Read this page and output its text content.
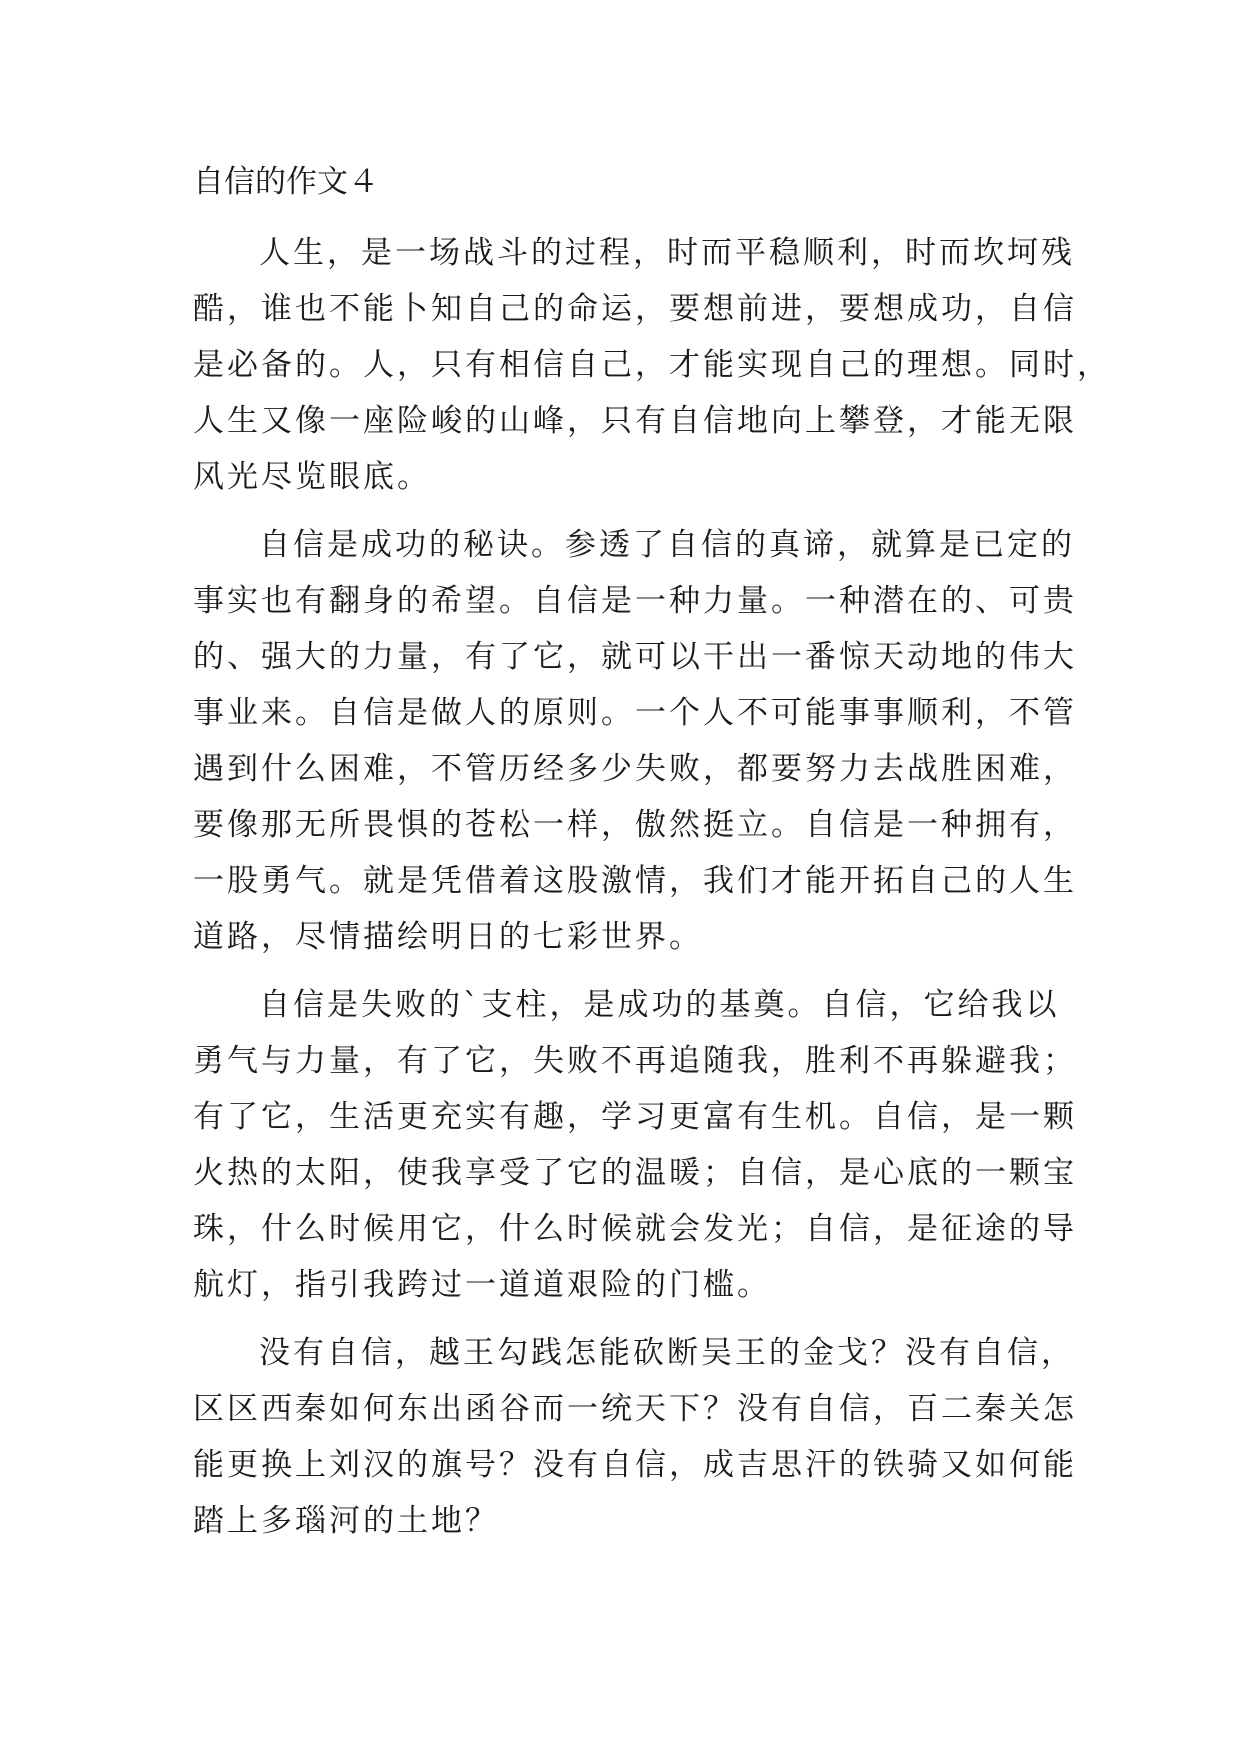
自信的作文４

人生，是一场战斗的过程，时而平稳顺利，时而坎坷残
酷，谁也不能卜知自己的命运，要想前进，要想成功，自信
是必备的。人，只有相信自己，才能实现自己的理想。同时，
人生又像一座险峻的山峰，只有自信地向上攀登，才能无限
风光尽览眼底。

自信是成功的秘诀。参透了自信的真谛，就算是已定的
事实也有翻身的希望。自信是一种力量。一种潜在的、可贵
的、强大的力量，有了它，就可以干出一番惊天动地的伟大
事业来。自信是做人的原则。一个人不可能事事顺利，不管
遇到什么困难，不管历经多少失败，都要努力去战胜困难，
要像那无所畏惧的苍松一样，傲然挺立。自信是一种拥有，
一股勇气。就是凭借着这股激情，我们才能开拓自己的人生
道路，尽情描绘明日的七彩世界。

自信是失败的`支柱，是成功的基奠。自信，它给我以
勇气与力量，有了它，失败不再追随我，胜利不再躲避我；
有了它，生活更充实有趣，学习更富有生机。自信，是一颗
火热的太阳，使我享受了它的温暖；自信，是心底的一颗宝
珠，什么时候用它，什么时候就会发光；自信，是征途的导
航灯，指引我跨过一道道艰险的门槛。

没有自信，越王勾践怎能砍断吴王的金戈？没有自信，
区区西秦如何东出函谷而一统天下？没有自信，百二秦关怎
能更换上刘汉的旗号？没有自信，成吉思汗的铁骑又如何能
踏上多瑙河的土地？
